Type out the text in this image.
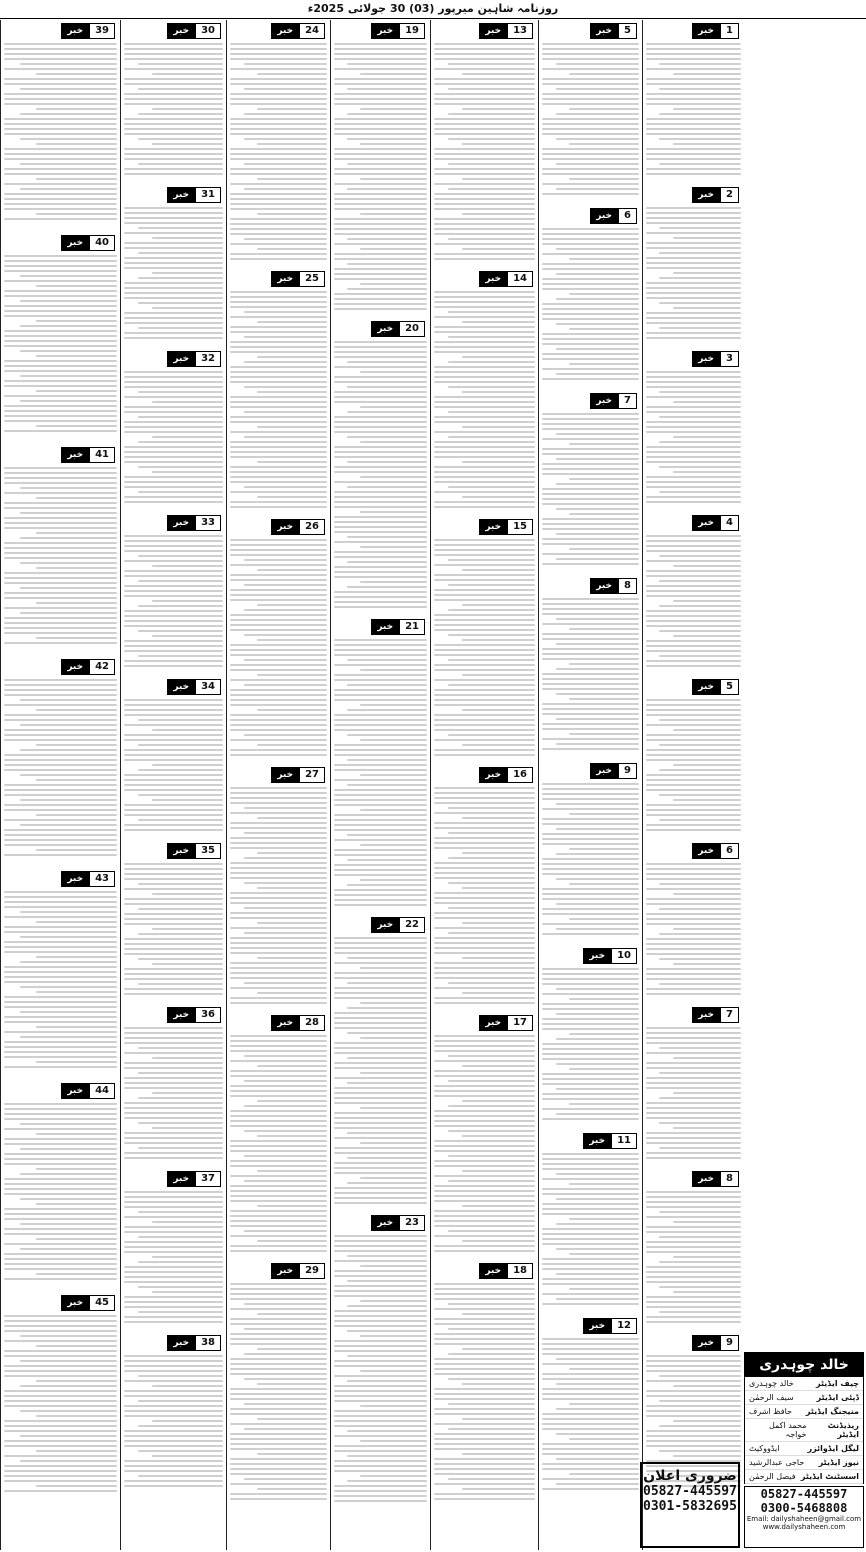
روزنامہ شاہین میرپور (03) 30 جولائی 2025ء
39
خبر
40
خبر
41
خبر
42
خبر
43
خبر
44
خبر
45
خبر
30
خبر
31
خبر
32
خبر
33
خبر
34
خبر
35
خبر
36
خبر
37
خبر
38
خبر
24
خبر
25
خبر
26
خبر
27
خبر
28
خبر
29
خبر
19
خبر
20
خبر
21
خبر
22
خبر
23
خبر
13
خبر
14
خبر
15
خبر
16
خبر
17
خبر
18
خبر
5
خبر
6
خبر
7
خبر
8
خبر
9
خبر
10
خبر
11
خبر
12
خبر
1
خبر
2
خبر
3
خبر
4
خبر
5
خبر
6
خبر
7
خبر
8
خبر
9
خبر
خالد چوہدری
چیف ایڈیٹر
خالد چوہدری
ڈپٹی ایڈیٹر
سیف الرحمٰن
منیجنگ ایڈیٹر
حافظ اشرف
ریذیڈنٹ ایڈیٹر
محمد اکمل خواجہ
لیگل ایڈوائزر
ایڈووکیٹ
نیوز ایڈیٹر
حاجی عبدالرشید
اسسٹنٹ ایڈیٹر
فیصل الرحمٰن
05827-445597
0300-5468808
Email: dailyshaheen@gmail.com
www.dailyshaheen.com
ضروری اعلان
05827-445597
0301-5832695
